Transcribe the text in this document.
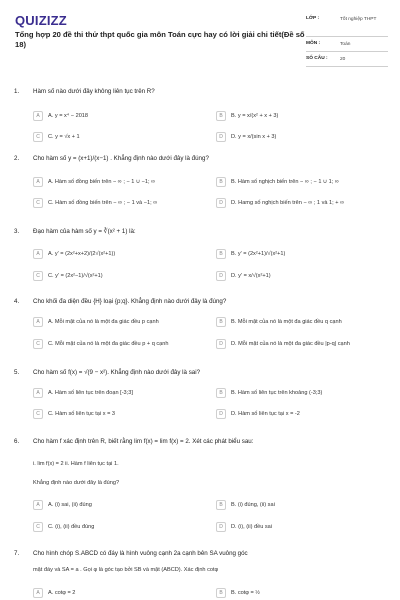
QUIZIZZ
Tổng hợp 20 đề thi thử thpt quốc gia môn Toán cực hay có lời giải chi tiết(Đề số 18)
LỚP :	Tốt nghiệp THPT
MÔN :	Toán
SỐ CÂU :	20
1. Hàm số nào dưới đây không liên tục trên R?
A	A. y = x⁴ − 2018	B	B. y = x/(x² + x + 3)
C	C. y = √x + 1	D	D. y = x/(sin x + 3)
2. Cho hàm số y = (x+1)/(x−1) . Khẳng định nào dưới đây là đúng?
A	A. Hàm số đồng biến trên − ∞ ; − 1 ∪ −1; ∞	B	B. Hàm số nghịch biến trên − ∞ ; − 1 ∪ 1; ∞
C	C. Hàm số đồng biến trên − ∞ ; − 1 và −1; ∞	D	D. Hamg số nghịch biến trên − ∞ ; 1 và 1; + ∞
3. Đạo hàm của hàm số y = ∛(x² + 1) là:
A	A. y' = (2x²+x+2)/(2√(x²+1))	B	B. y' = (2x²+1)/√(x²+1)
C	C. y' = (2x²−1)/√(x²+1)	D	D. y' = x/√(x²+1)
4. Cho khối đa diện đều {H} loại {p;q}. Khẳng định nào dưới đây là đúng?
A	A. Mỗi mặt của nó là một đa giác đều p cạnh	B	B. Mỗi mặt của nó là một đa giác đều q cạnh
C	C. Mỗi mặt của nó là một đa giác đều p + q cạnh	D	D. Mỗi mặt của nó là một đa giác đều |p-q| cạnh
5. Cho hàm số f(x) = √(9 − x²). Khẳng định nào dưới đây là sai?
A	A. Hàm số liên tục trên đoạn [-3;3]	B	B. Hàm số liên tục trên khoảng (-3;3)
C	C. Hàm số liên tục tại x = 3	D	D. Hàm số liên tục tại x = -2
6. Cho hàm f xác định trên R, biết rằng lim f(x) = lim f(x) = 2. Xét các phát biểu sau:
i. lim f(x) = 2 ii. Hàm f liên tục tại 1.
Khẳng định nào dưới đây là đúng?
A	A. (i) sai, (ii) đúng	B	B. (i) đúng, (ii) sai
C	C. (i), (ii) đều đúng	D	D. (i), (ii) đều sai
7. Cho hình chóp S.ABCD có đáy là hình vuông cạnh 2a cạnh bên SA vuông góc
mặt đáy và SA = a . Gọi φ là góc tạo bởi SB và mặt (ABCD). Xác định cotφ
A	A. cotφ = 2	B	B. cotφ = ½
